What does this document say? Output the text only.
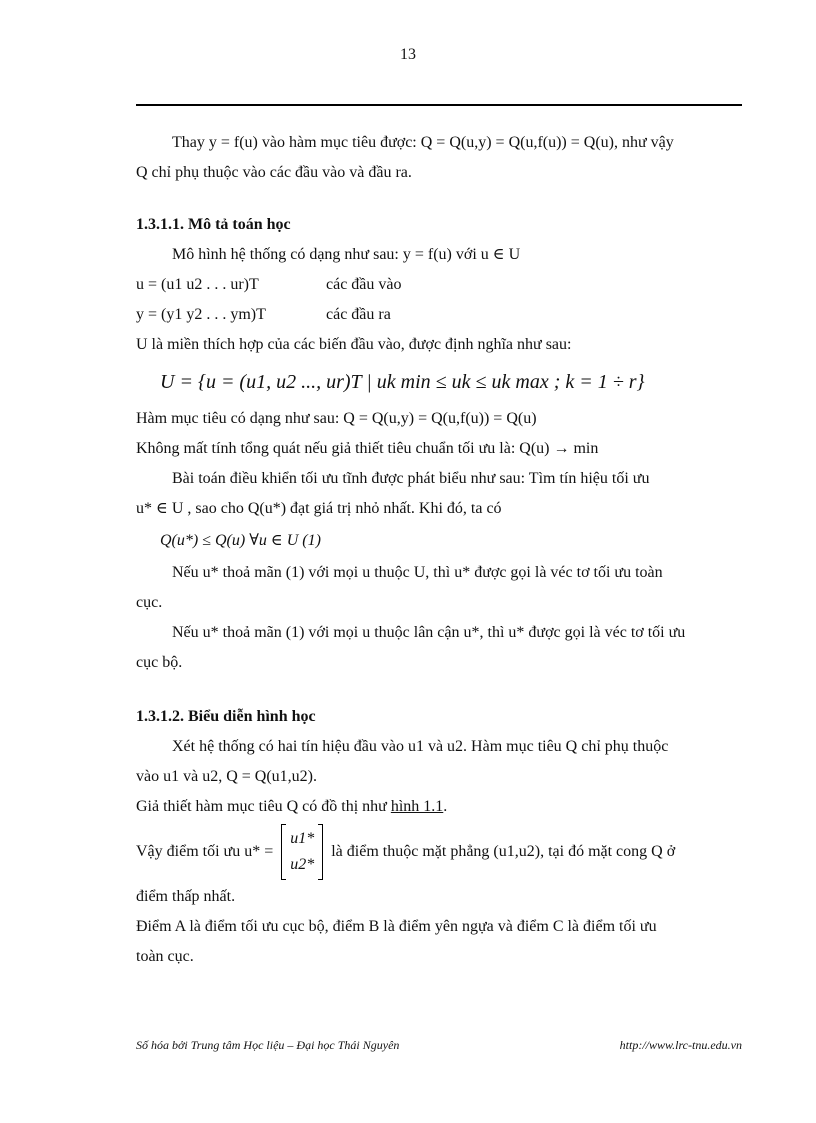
13

Thay y = f(u) vào hàm mục tiêu được: Q = Q(u,y) = Q(u,f(u)) = Q(u), như vậy

Q chỉ phụ thuộc vào các đầu vào và đầu ra.

1.3.1.1. Mô tả toán học

Mô hình hệ thống có dạng như sau: y = f(u) với u ∈ U

u = (u1 u2 . . . ur)T	các đầu vào
y = (y1 y2 . . . ym)T	các đầu ra

U là miền thích hợp của các biến đầu vào, được định nghĩa như sau:

U = {u = (u1, u2 ..., ur)T | uk min ≤ uk ≤ uk max ; k = 1 ÷ r}

Hàm mục tiêu có dạng như sau: Q = Q(u,y) = Q(u,f(u)) = Q(u)

Không mất tính tổng quát nếu giả thiết tiêu chuẩn tối ưu là: Q(u) → min

Bài toán điều khiển tối ưu tĩnh được phát biểu như sau: Tìm tín hiệu tối ưu

u* ∈ U , sao cho Q(u*) đạt giá trị nhỏ nhất. Khi đó, ta có

Q(u*) ≤ Q(u) ∀u ∈ U (1)

Nếu u* thoả mãn (1) với mọi u thuộc U, thì u* được gọi là véc tơ tối ưu toàn

cục.

Nếu u* thoả mãn (1) với mọi u thuộc lân cận u*, thì u* được gọi là véc tơ tối ưu

cục bộ.

1.3.1.2. Biểu diễn hình học

Xét hệ thống có hai tín hiệu đầu vào u1 và u2. Hàm mục tiêu Q chỉ phụ thuộc

vào u1 và u2, Q = Q(u1,u2).

Giả thiết hàm mục tiêu Q có đồ thị như hình 1.1.

Vậy điểm tối ưu u* =
u1*
u2*
là điểm thuộc mặt phẳng (u1,u2), tại đó mặt cong Q ở

điểm thấp nhất.

Điểm A là điểm tối ưu cục bộ, điểm B là điểm yên ngựa và điểm C là điểm tối ưu

toàn cục.

Số hóa bởi Trung tâm Học liệu – Đại học Thái Nguyên	http://www.lrc-tnu.edu.vn
